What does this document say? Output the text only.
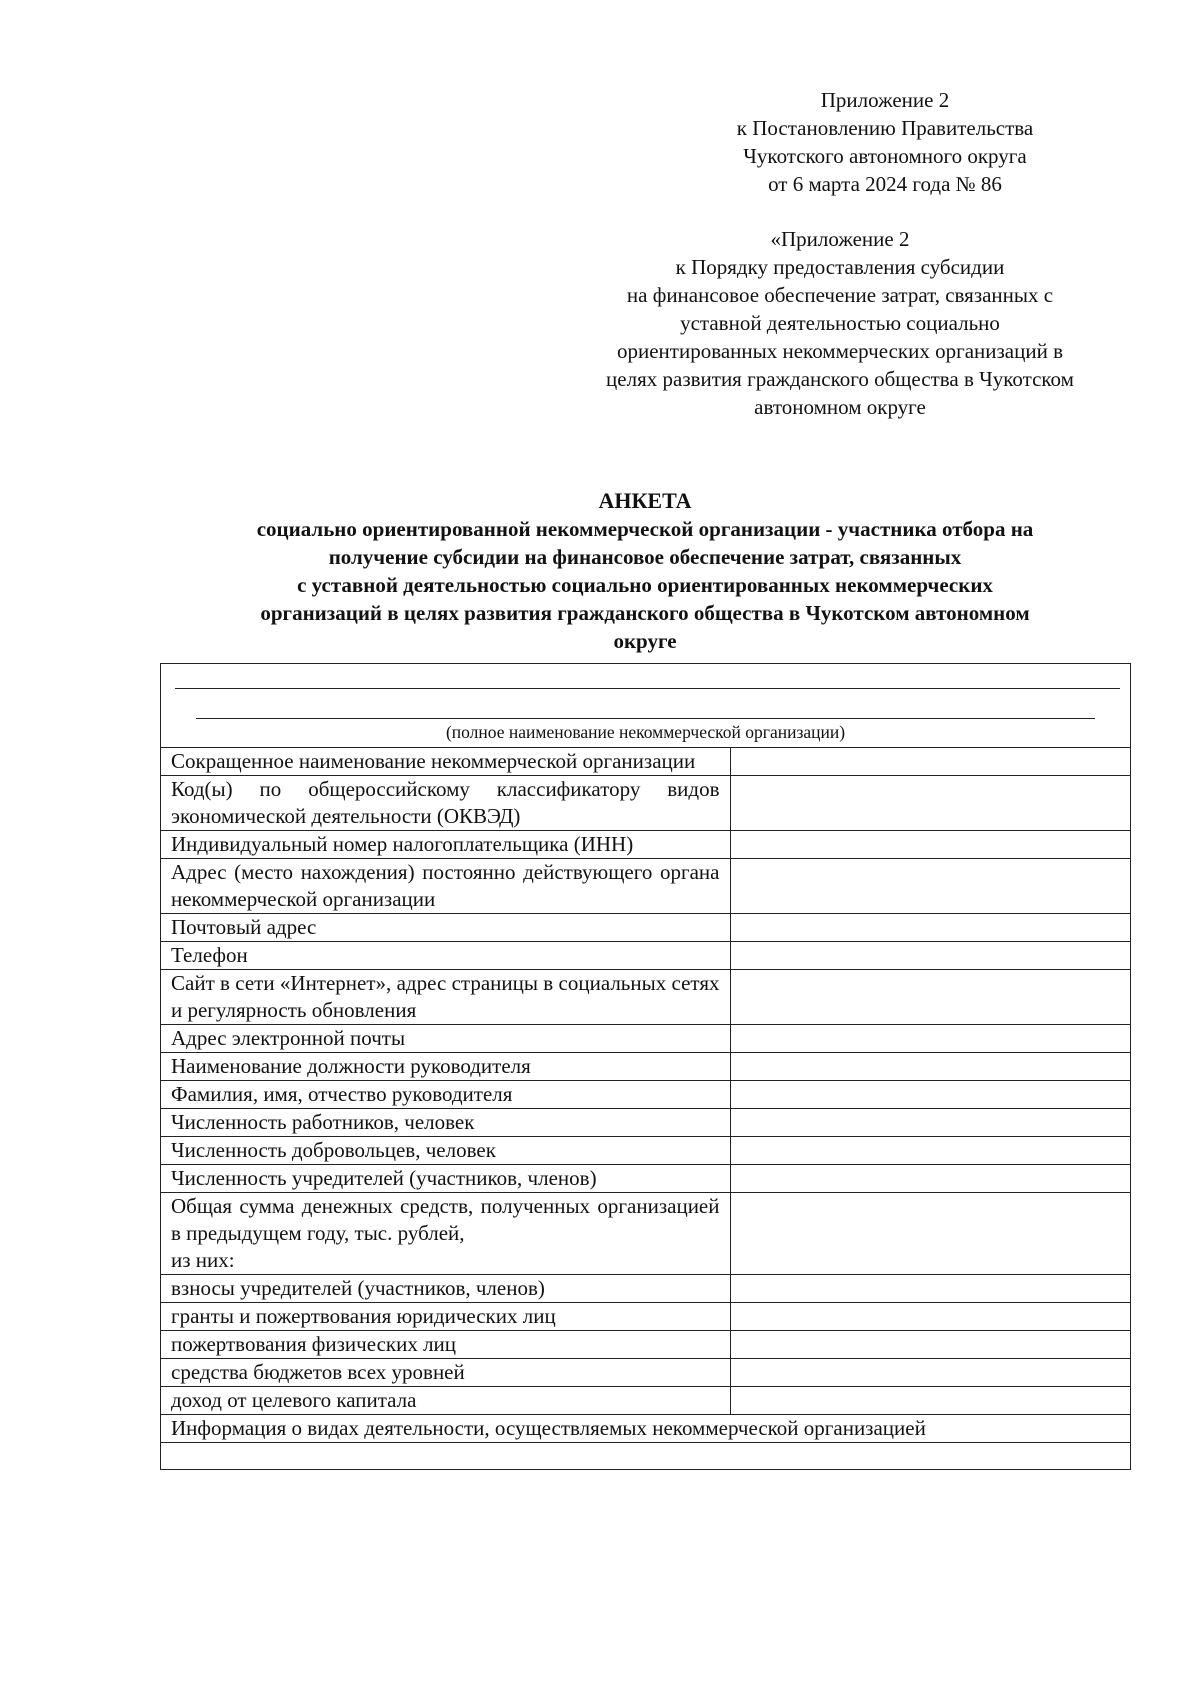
Приложение 2
к Постановлению Правительства
Чукотского автономного округа
от 6 марта 2024 года № 86
«Приложение 2
к Порядку предоставления субсидии
на финансовое обеспечение затрат, связанных с
уставной деятельностью социально
ориентированных некоммерческих организаций в
целях развития гражданского общества в Чукотском
автономном округе
АНКЕТА
социально ориентированной некоммерческой организации - участника отбора на
получение субсидии на финансовое обеспечение затрат, связанных
с уставной деятельностью социально ориентированных некоммерческих
организаций в целях развития гражданского общества в Чукотском автономном
округе
(полное наименование некоммерческой организации)	

Сокращенное наименование некоммерческой организации	
Код(ы) по общероссийскому классификатору видов экономической деятельности (ОКВЭД)	
Индивидуальный номер налогоплательщика (ИНН)	
Адрес (место нахождения) постоянно действующего органа некоммерческой организации	
Почтовый адрес	
Телефон	
Сайт в сети «Интернет», адрес страницы в социальных сетях и регулярность обновления	
Адрес электронной почты	
Наименование должности руководителя	
Фамилия, имя, отчество руководителя	
Численность работников, человек	
Численность добровольцев, человек	
Численность учредителей (участников, членов)	

Общая сумма денежных средств, полученных организацией в предыдущем году, тыс. рублей,
из них:	

взносы учредителей (участников, членов)	
гранты и пожертвования юридических лиц	
пожертвования физических лиц	
средства бюджетов всех уровней	
доход от целевого капитала	
Информация о видах деятельности, осуществляемых некоммерческой организацией	
